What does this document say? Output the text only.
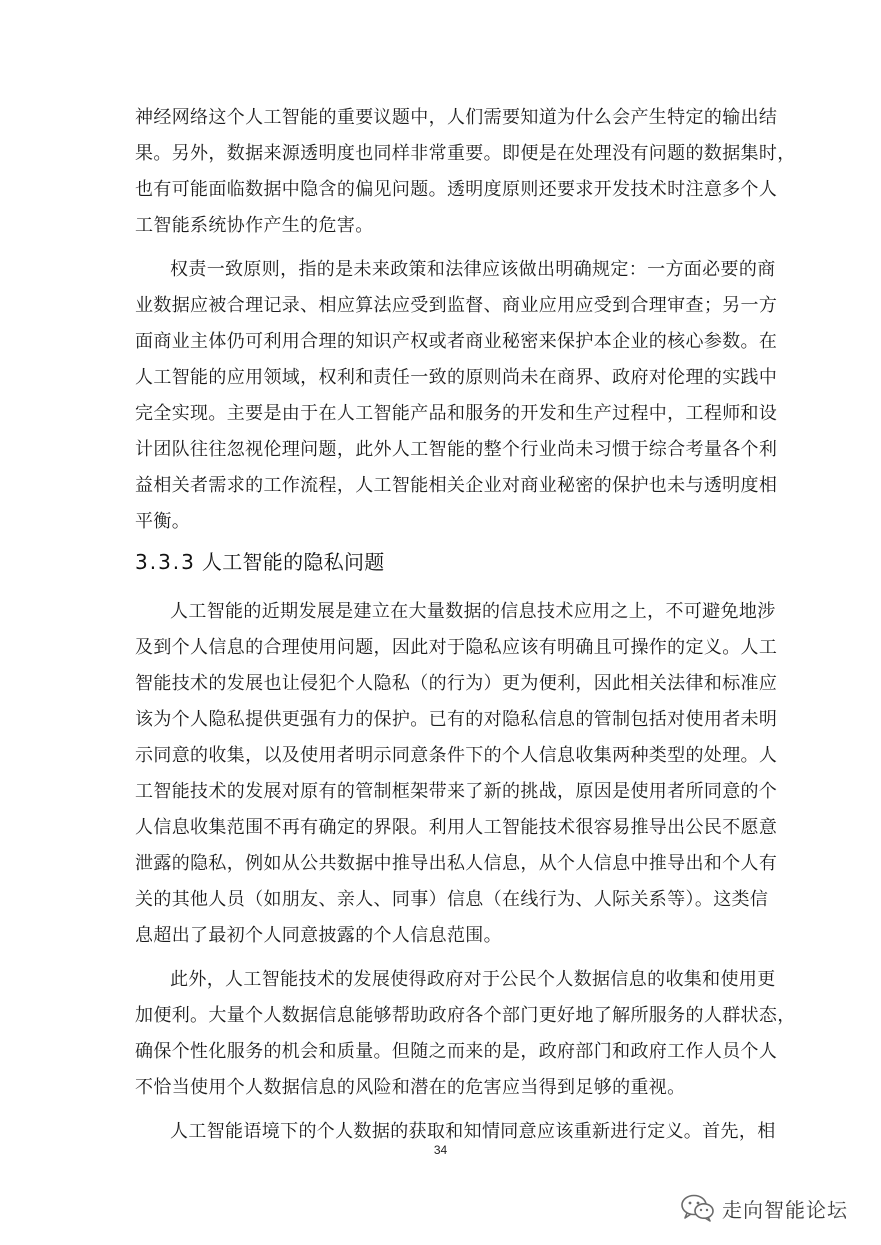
神经网络这个人工智能的重要议题中，人们需要知道为什么会产生特定的输出结
果。另外，数据来源透明度也同样非常重要。即便是在处理没有问题的数据集时，
也有可能面临数据中隐含的偏见问题。透明度原则还要求开发技术时注意多个人
工智能系统协作产生的危害。
权责一致原则，指的是未来政策和法律应该做出明确规定：一方面必要的商
业数据应被合理记录、相应算法应受到监督、商业应用应受到合理审查；另一方
面商业主体仍可利用合理的知识产权或者商业秘密来保护本企业的核心参数。在
人工智能的应用领域，权利和责任一致的原则尚未在商界、政府对伦理的实践中
完全实现。主要是由于在人工智能产品和服务的开发和生产过程中，工程师和设
计团队往往忽视伦理问题，此外人工智能的整个行业尚未习惯于综合考量各个利
益相关者需求的工作流程，人工智能相关企业对商业秘密的保护也未与透明度相
平衡。
3.3.3 人工智能的隐私问题
人工智能的近期发展是建立在大量数据的信息技术应用之上，不可避免地涉
及到个人信息的合理使用问题，因此对于隐私应该有明确且可操作的定义。人工
智能技术的发展也让侵犯个人隐私（的行为）更为便利，因此相关法律和标准应
该为个人隐私提供更强有力的保护。已有的对隐私信息的管制包括对使用者未明
示同意的收集，以及使用者明示同意条件下的个人信息收集两种类型的处理。人
工智能技术的发展对原有的管制框架带来了新的挑战，原因是使用者所同意的个
人信息收集范围不再有确定的界限。利用人工智能技术很容易推导出公民不愿意
泄露的隐私，例如从公共数据中推导出私人信息，从个人信息中推导出和个人有
关的其他人员（如朋友、亲人、同事）信息（在线行为、人际关系等）。这类信
息超出了最初个人同意披露的个人信息范围。
此外，人工智能技术的发展使得政府对于公民个人数据信息的收集和使用更
加便利。大量个人数据信息能够帮助政府各个部门更好地了解所服务的人群状态，
确保个性化服务的机会和质量。但随之而来的是，政府部门和政府工作人员个人
不恰当使用个人数据信息的风险和潜在的危害应当得到足够的重视。
人工智能语境下的个人数据的获取和知情同意应该重新进行定义。首先，相
34
走向智能论坛
